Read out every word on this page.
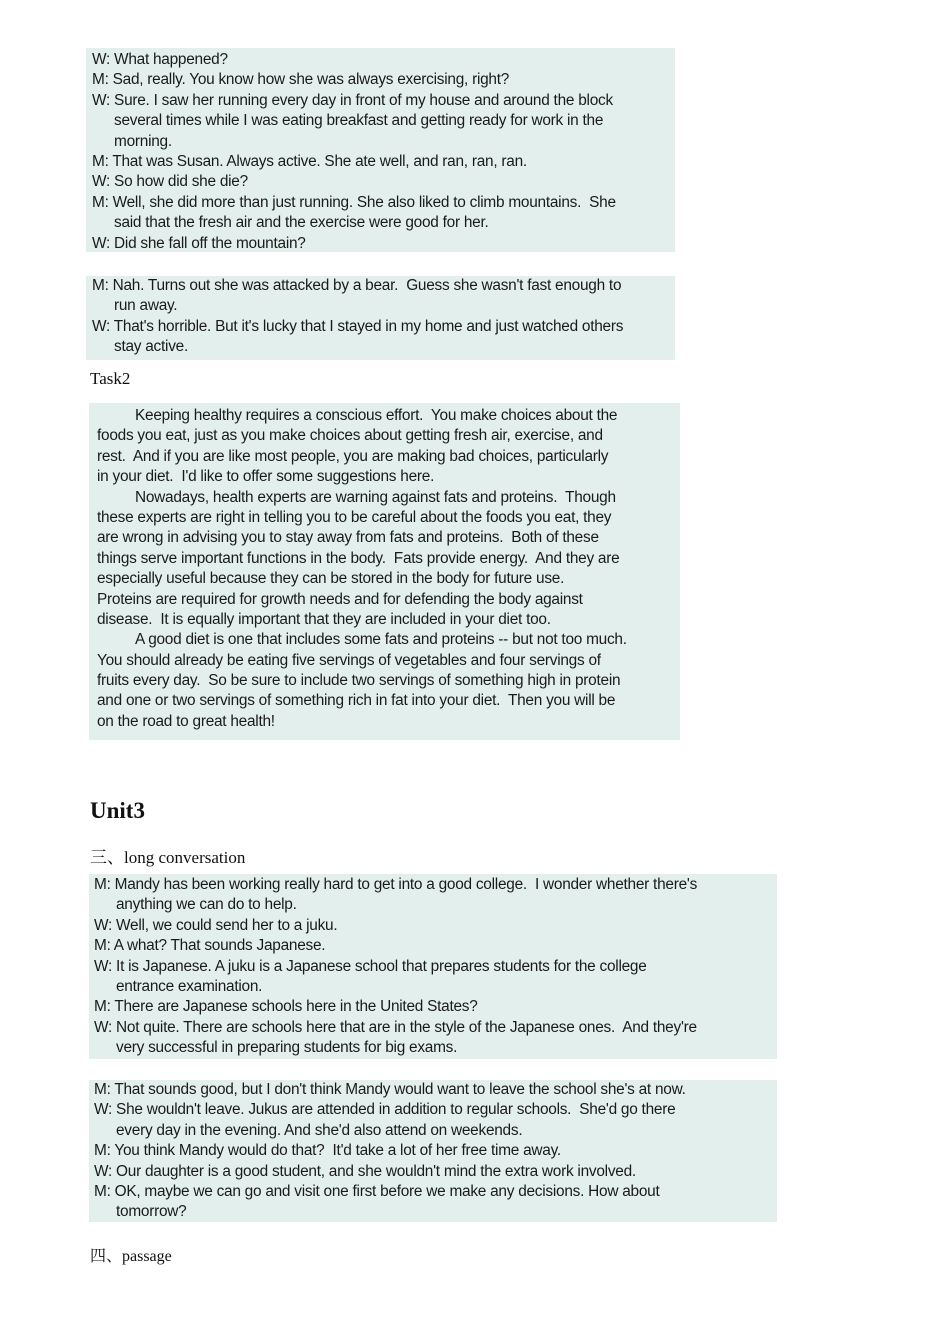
W: What happened?
M: Sad, really. You know how she was always exercising, right?
W: Sure. I saw her running every day in front of my house and around the block
several times while I was eating breakfast and getting ready for work in the
morning.
M: That was Susan. Always active. She ate well, and ran, ran, ran.
W: So how did she die?
M: Well, she did more than just running. She also liked to climb mountains.  She
said that the fresh air and the exercise were good for her.
W: Did she fall off the mountain?
M: Nah. Turns out she was attacked by a bear.  Guess she wasn't fast enough to
run away.
W: That's horrible. But it's lucky that I stayed in my home and just watched others
stay active.
Task2
Keeping healthy requires a conscious effort.  You make choices about the
foods you eat, just as you make choices about getting fresh air, exercise, and
rest.  And if you are like most people, you are making bad choices, particularly
in your diet.  I'd like to offer some suggestions here.
Nowadays, health experts are warning against fats and proteins.  Though
these experts are right in telling you to be careful about the foods you eat, they
are wrong in advising you to stay away from fats and proteins.  Both of these
things serve important functions in the body.  Fats provide energy.  And they are
especially useful because they can be stored in the body for future use.
Proteins are required for growth needs and for defending the body against
disease.  It is equally important that they are included in your diet too.
A good diet is one that includes some fats and proteins -- but not too much.
You should already be eating five servings of vegetables and four servings of
fruits every day.  So be sure to include two servings of something high in protein
and one or two servings of something rich in fat into your diet.  Then you will be
on the road to great health!
Unit3
三、long conversation
M: Mandy has been working really hard to get into a good college.  I wonder whether there's
anything we can do to help.
W: Well, we could send her to a juku.
M: A what? That sounds Japanese.
W: It is Japanese. A juku is a Japanese school that prepares students for the college
entrance examination.
M: There are Japanese schools here in the United States?
W: Not quite. There are schools here that are in the style of the Japanese ones.  And they're
very successful in preparing students for big exams.
M: That sounds good, but I don't think Mandy would want to leave the school she's at now.
W: She wouldn't leave. Jukus are attended in addition to regular schools.  She'd go there
every day in the evening. And she'd also attend on weekends.
M: You think Mandy would do that?  It'd take a lot of her free time away.
W: Our daughter is a good student, and she wouldn't mind the extra work involved.
M: OK, maybe we can go and visit one first before we make any decisions. How about
tomorrow?
四、passage
